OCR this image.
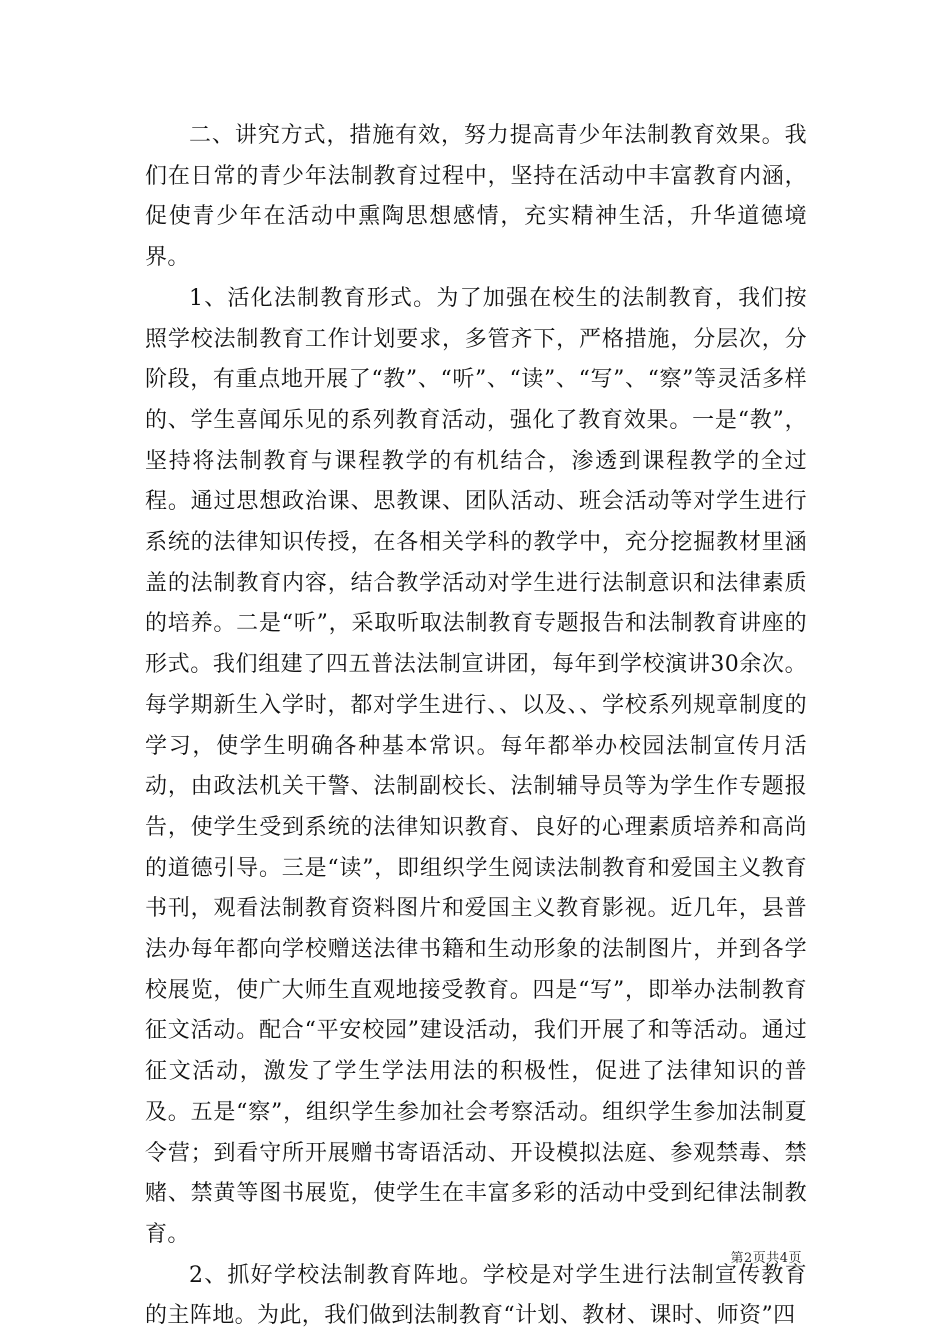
二、讲究方式，措施有效，努力提高青少年法制教育效果。我们在日常的青少年法制教育过程中，坚持在活动中丰富教育内涵，促使青少年在活动中熏陶思想感情，充实精神生活，升华道德境界。

1、活化法制教育形式。为了加强在校生的法制教育，我们按照学校法制教育工作计划要求，多管齐下，严格措施，分层次，分阶段，有重点地开展了“教”、“听”、“读”、“写”、“察”等灵活多样的、学生喜闻乐见的系列教育活动，强化了教育效果。一是“教”，坚持将法制教育与课程教学的有机结合，渗透到课程教学的全过程。通过思想政治课、思教课、团队活动、班会活动等对学生进行系统的法律知识传授，在各相关学科的教学中，充分挖掘教材里涵盖的法制教育内容，结合教学活动对学生进行法制意识和法律素质的培养。二是“听”，采取听取法制教育专题报告和法制教育讲座的形式。我们组建了四五普法法制宣讲团，每年到学校演讲30余次。每学期新生入学时，都对学生进行、、以及、、学校系列规章制度的学习，使学生明确各种基本常识。每年都举办校园法制宣传月活动，由政法机关干警、法制副校长、法制辅导员等为学生作专题报告，使学生受到系统的法律知识教育、良好的心理素质培养和高尚的道德引导。三是“读”，即组织学生阅读法制教育和爱国主义教育书刊，观看法制教育资料图片和爱国主义教育影视。近几年，县普法办每年都向学校赠送法律书籍和生动形象的法制图片，并到各学校展览，使广大师生直观地接受教育。四是“写”，即举办法制教育征文活动。配合“平安校园”建设活动，我们开展了和等活动。通过征文活动，激发了学生学法用法的积极性，促进了法律知识的普及。五是“察”，组织学生参加社会考察活动。组织学生参加法制夏令营；到看守所开展赠书寄语活动、开设模拟法庭、参观禁毒、禁赌、禁黄等图书展览，使学生在丰富多彩的活动中受到纪律法制教育。

2、抓好学校法制教育阵地。学校是对学生进行法制宣传教育的主阵地。为此，我们做到法制教育“计划、教材、课时、师资”四

第2页共4页
